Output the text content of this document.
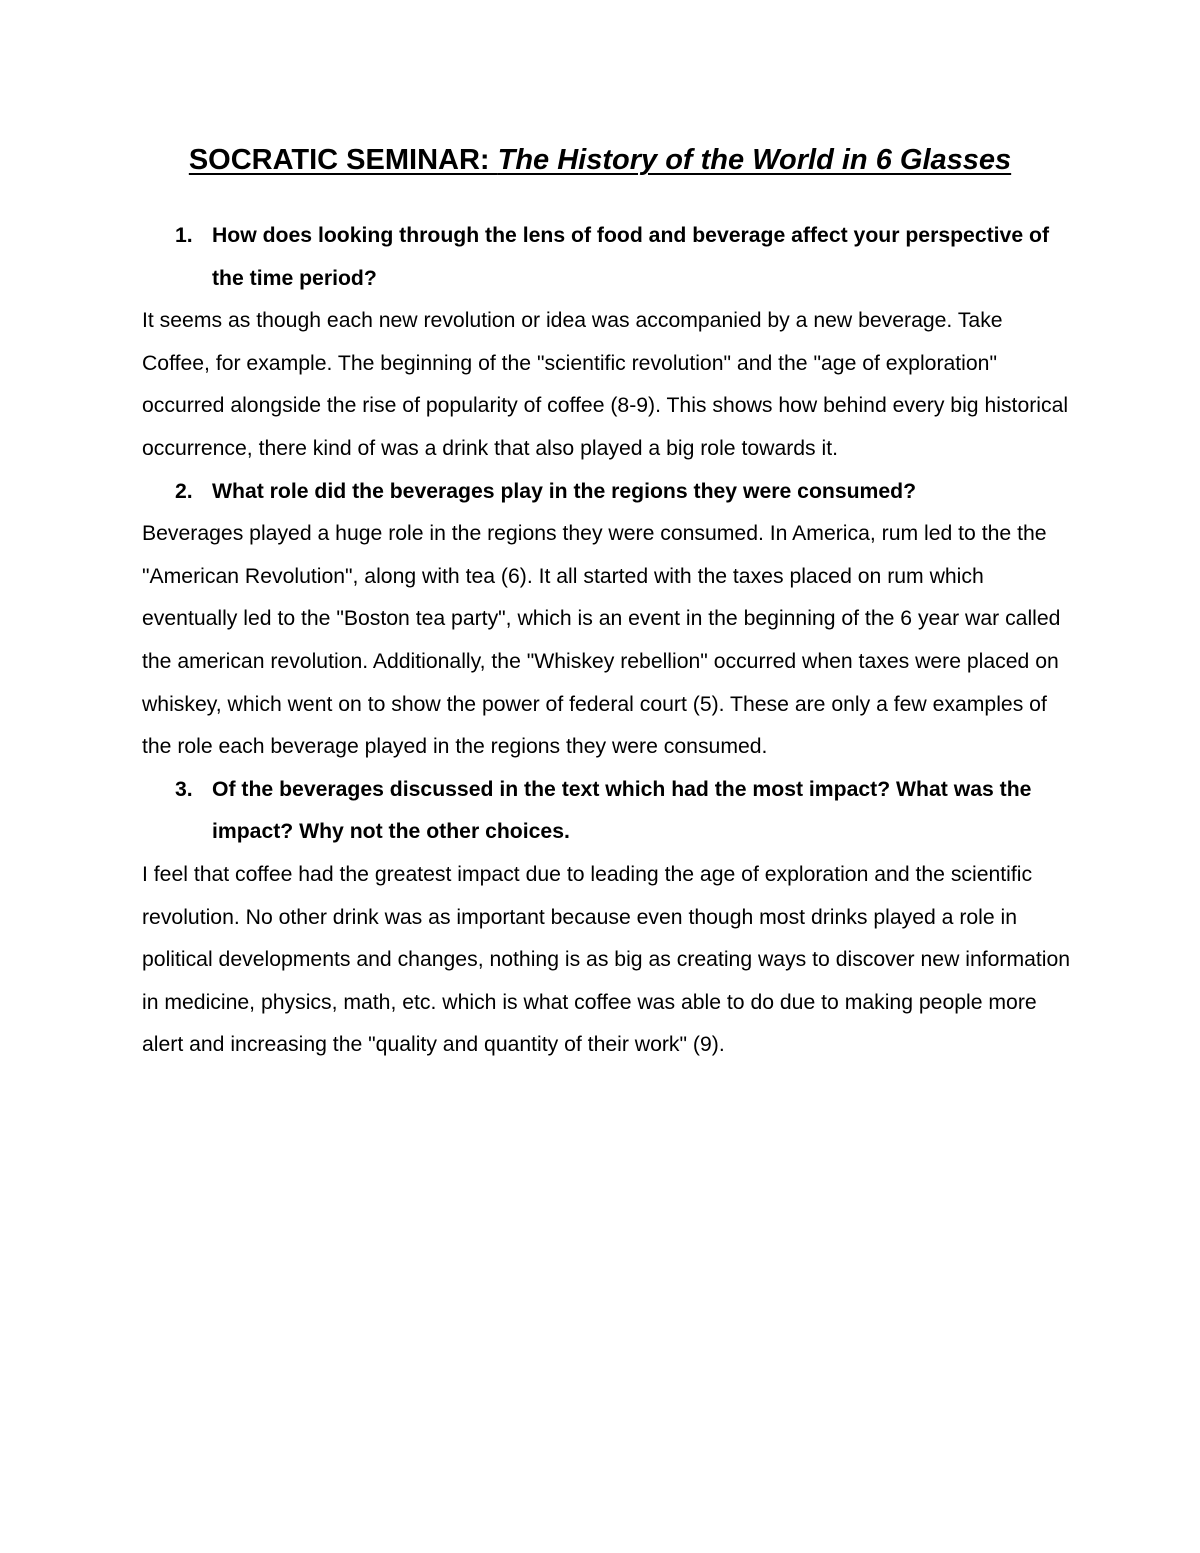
SOCRATIC SEMINAR: The History of the World in 6 Glasses
1. How does looking through the lens of food and beverage affect your perspective of the time period?

It seems as though each new revolution or idea was accompanied by a new beverage. Take Coffee, for example. The beginning of the "scientific revolution" and the "age of exploration" occurred alongside the rise of popularity of coffee (8-9). This shows how behind every big historical occurrence, there kind of was a drink that also played a big role towards it.

2. What role did the beverages play in the regions they were consumed?

Beverages played a huge role in the regions they were consumed. In America, rum led to the the "American Revolution", along with tea (6). It all started with the taxes placed on rum which eventually led to the "Boston tea party", which is an event in the beginning of the 6 year war called the american revolution. Additionally, the "Whiskey rebellion" occurred when taxes were placed on whiskey, which went on to show the power of federal court (5). These are only a few examples of the role each beverage played in the regions they were consumed.

3. Of the beverages discussed in the text which had the most impact? What was the impact? Why not the other choices.

I feel that coffee had the greatest impact due to leading the age of exploration and the scientific revolution. No other drink was as important because even though most drinks played a role in political developments and changes, nothing is as big as creating ways to discover new information in medicine, physics, math, etc. which is what coffee was able to do due to making people more alert and increasing the "quality and quantity of their work" (9).
